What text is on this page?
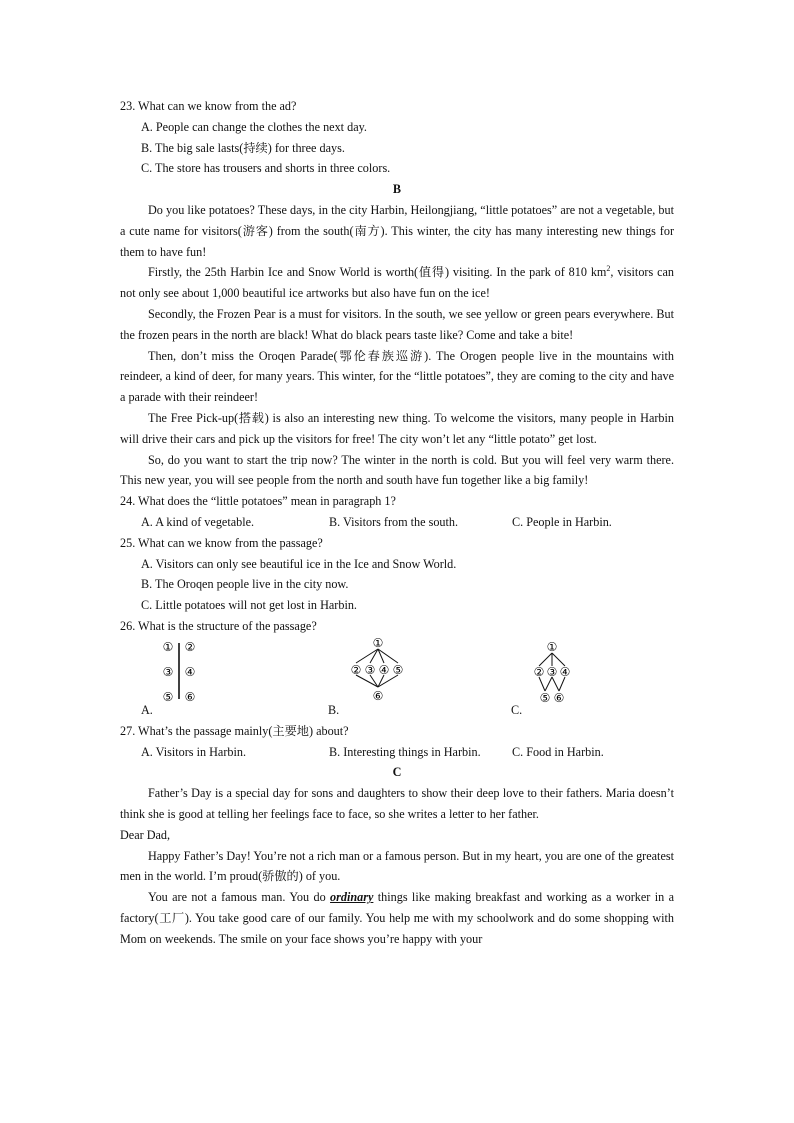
23. What can we know from the ad?
A. People can change the clothes the next day.
B. The big sale lasts(持续) for three days.
C. The store has trousers and shorts in three colors.
B

Do you like potatoes? These days, in the city Harbin, Heilongjiang, “little potatoes” are not a vegetable, but a cute name for visitors(游客) from the south(南方). This winter, the city has many interesting new things for them to have fun!

Firstly, the 25th Harbin Ice and Snow World is worth(值得) visiting. In the park of 810 $km^2$, visitors can not only see about 1,000 beautiful ice artworks but also have fun on the ice!

Secondly, the Frozen Pear is a must for visitors. In the south, we see yellow or green pears everywhere. But the frozen pears in the north are black! What do black pears taste like? Come and take a bite!

Then, don’t miss the Oroqen Parade(鄂伦春族巡游). The Orogen people live in the mountains with reindeer, a kind of deer, for many years. This winter, for the “little potatoes”, they are coming to the city and have a parade with their reindeer!

The Free Pick-up(搭载) is also an interesting new thing. To welcome the visitors, many people in Harbin will drive their cars and pick up the visitors for free! The city won’t let any “little potato” get lost.

So, do you want to start the trip now? The winter in the north is cold. But you will feel very warm there. This new year, you will see people from the north and south have fun together like a big family!

24. What does the “little potatoes” mean in paragraph 1?
A. A kind of vegetable.	B. Visitors from the south.	C. People in Harbin.
25. What can we know from the passage?
A. Visitors can only see beautiful ice in the Ice and Snow World.
B. The Oroqen people live in the city now.
C. Little potatoes will not get lost in Harbin.
26. What is the structure of the passage?
A.
① ②
③ ④
⑤ ⑥
B.
①
② ③ ④ ⑤
⑥
C.
①
② ③ ④
⑤ ⑥
27. What’s the passage mainly(主要地) about?
A. Visitors in Harbin.	B. Interesting things in Harbin.	C. Food in Harbin.
C
Father’s Day is a special day for sons and daughters to show their deep love to their fathers. Maria doesn’t think she is good at telling her feelings face to face, so she writes a letter to her father.
Dear Dad,
Happy Father’s Day! You’re not a rich man or a famous person. But in my heart, you are one of the greatest men in the world. I’m proud(骄傲的) of you.
You are not a famous man. You do ordinary things like making breakfast and working as a worker in a factory(工厂). You take good care of our family. You help me with my schoolwork and do some shopping with Mom on weekends. The smile on your face shows you’re happy with your
